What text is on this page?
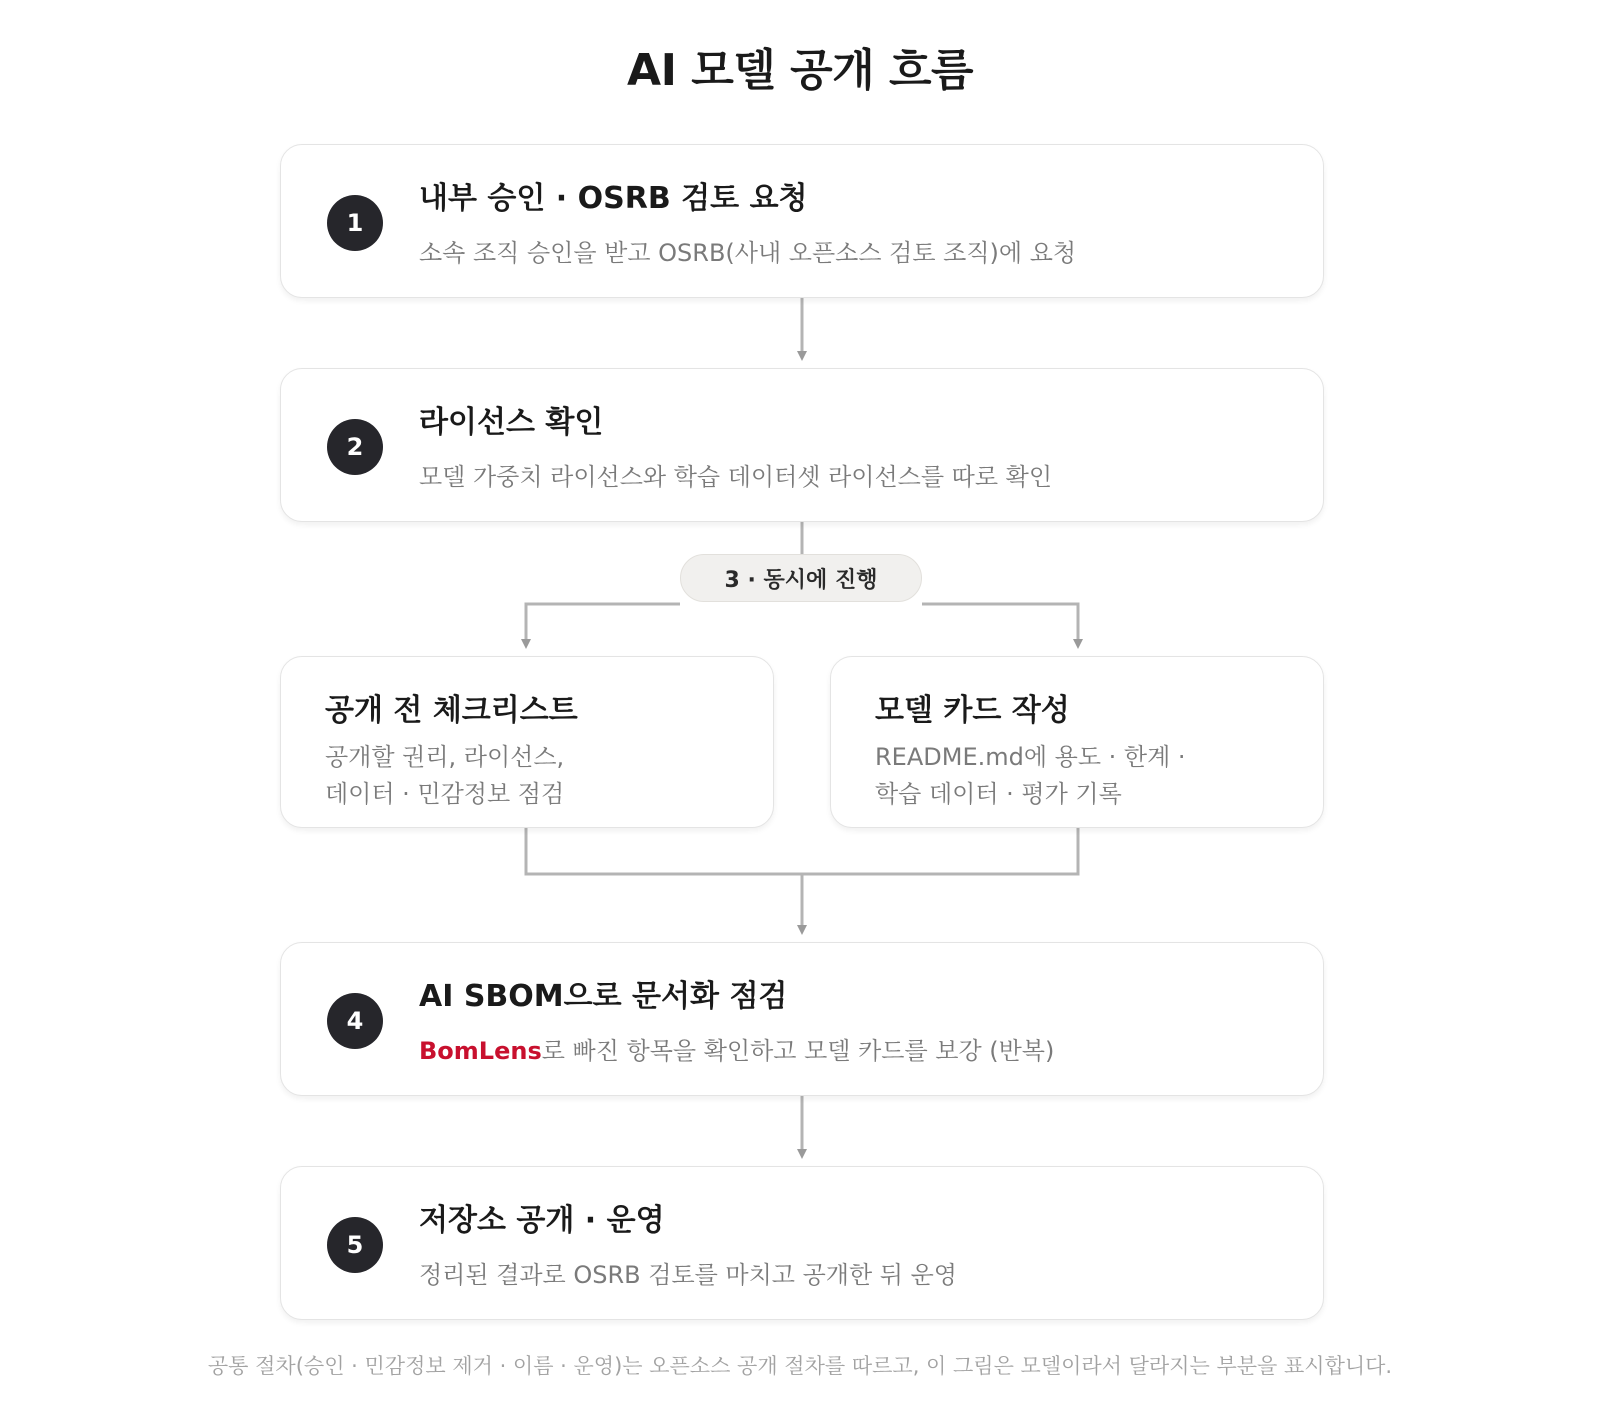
AI 모델 공개 흐름
1
내부 승인 · OSRB 검토 요청
소속 조직 승인을 받고 OSRB(사내 오픈소스 검토 조직)에 요청
2
라이선스 확인
모델 가중치 라이선스와 학습 데이터셋 라이선스를 따로 확인
3 · 동시에 진행
공개 전 체크리스트
공개할 권리, 라이선스,
데이터 · 민감정보 점검
모델 카드 작성
README.md에 용도 · 한계 ·
학습 데이터 · 평가 기록
4
AI SBOM으로 문서화 점검
BomLens로 빠진 항목을 확인하고 모델 카드를 보강 (반복)
5
저장소 공개 · 운영
정리된 결과로 OSRB 검토를 마치고 공개한 뒤 운영
공통 절차(승인 · 민감정보 제거 · 이름 · 운영)는 오픈소스 공개 절차를 따르고, 이 그림은 모델이라서 달라지는 부분을 표시합니다.
